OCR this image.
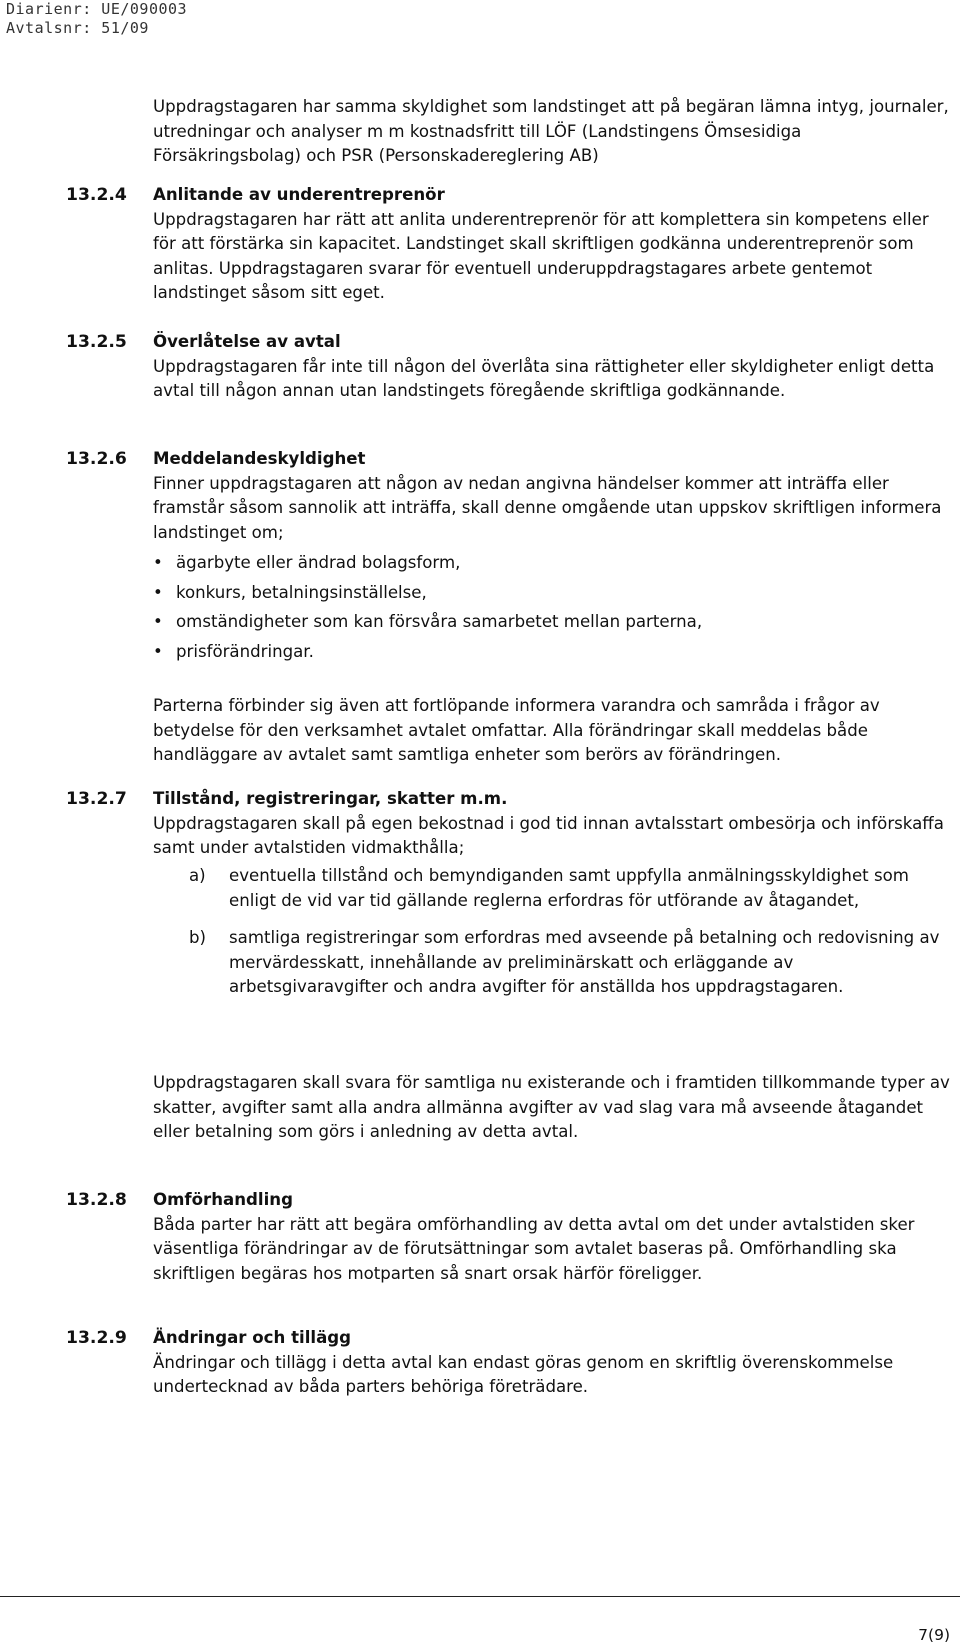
Diarienr: UE/090003
Avtalsnr: 51/09
Uppdragstagaren har samma skyldighet som landstinget att på begäran lämna intyg, journaler, utredningar och analyser m m kostnadsfritt till LÖF (Landstingens Ömsesidiga Försäkringsbolag) och PSR (Personskadereglering AB)
13.2.4 Anlitande av underentreprenör
Uppdragstagaren har rätt att anlita underentreprenör för att komplettera sin kompetens eller för att förstärka sin kapacitet. Landstinget skall skriftligen godkänna underentreprenör som anlitas. Uppdragstagaren svarar för eventuell underuppdragstagares arbete gentemot landstinget såsom sitt eget.
13.2.5 Överlåtelse av avtal
Uppdragstagaren får inte till någon del överlåta sina rättigheter eller skyldigheter enligt detta avtal till någon annan utan landstingets föregående skriftliga godkännande.
13.2.6 Meddelandeskyldighet
Finner uppdragstagaren att någon av nedan angivna händelser kommer att inträffa eller framstår såsom sannolik att inträffa, skall denne omgående utan uppskov skriftligen informera landstinget om;
• ägarbyte eller ändrad bolagsform,
• konkurs, betalningsinställelse,
• omständigheter som kan försvåra samarbetet mellan parterna,
• prisförändringar.
Parterna förbinder sig även att fortlöpande informera varandra och samråda i frågor av betydelse för den verksamhet avtalet omfattar. Alla förändringar skall meddelas både handläggare av avtalet samt samtliga enheter som berörs av förändringen.
13.2.7 Tillstånd, registreringar, skatter m.m.
Uppdragstagaren skall på egen bekostnad i god tid innan avtalsstart ombesörja och införskaffa samt under avtalstiden vidmakthålla;
a) eventuella tillstånd och bemyndiganden samt uppfylla anmälningsskyldighet som enligt de vid var tid gällande reglerna erfordras för utförande av åtagandet,
b) samtliga registreringar som erfordras med avseende på betalning och redovisning av mervärdesskatt, innehållande av preliminärskatt och erläggande av arbetsgivaravgifter och andra avgifter för anställda hos uppdragstagaren.
Uppdragstagaren skall svara för samtliga nu existerande och i framtiden tillkommande typer av skatter, avgifter samt alla andra allmänna avgifter av vad slag vara må avseende åtagandet eller betalning som görs i anledning av detta avtal.
13.2.8 Omförhandling
Båda parter har rätt att begära omförhandling av detta avtal om det under avtalstiden sker väsentliga förändringar av de förutsättningar som avtalet baseras på. Omförhandling ska skriftligen begäras hos motparten så snart orsak härför föreligger.
13.2.9 Ändringar och tillägg
Ändringar och tillägg i detta avtal kan endast göras genom en skriftlig överenskommelse undertecknad av båda parters behöriga företrädare.
7(9)
